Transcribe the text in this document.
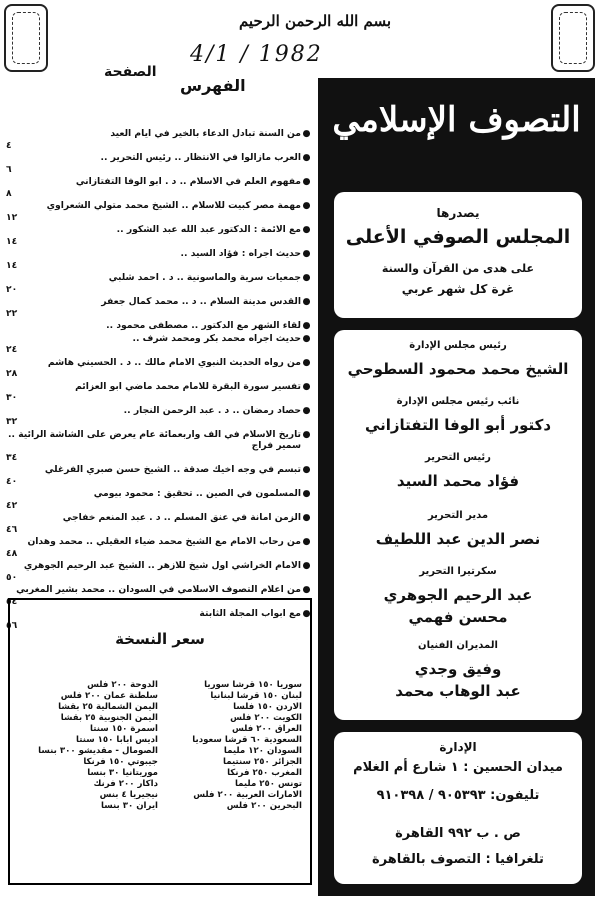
بسم الله الرحمن الرحيم
4/1 / 1982
الفهرس
الصفحة
●
من السنة تبادل الدعاء بالخير في ايام العيد
٤
●
العرب مازالوا في الانتظار .. رئيس التحرير ..
٦
●
مفهوم العلم في الاسلام .. د . ابو الوفا التفتازاني
٨
●
مهمة مصر كبيت للاسلام .. الشيخ محمد متولي الشعراوي
١٢
●
مع الائمة : الدكتور عبد الله عبد الشكور ..
١٤
●
حديث اجراه : فؤاد السيد ..
١٤
●
جمعيات سرية والماسونية .. د . احمد شلبي
٢٠
●
القدس مدينة السلام .. د .. محمد كمال جعفر
٢٢
●
لقاء الشهر مع الدكتور .. مصطفى محمود ..
●
حديث اجراه محمد بكر ومحمد شرف ..
٢٤
●
من رواه الحديث النبوي الامام مالك .. د . الحسيني هاشم
٢٨
●
تفسير سورة البقرة للامام محمد ماضي ابو العزائم
٣٠
●
حصاد رمضان .. د . عبد الرحمن النجار ..
٣٢
●
تاريخ الاسلام في الف واربعمائة عام يعرض على الشاشة الرائية .. سمير فراج
٣٤
●
تبسم في وجه اخيك صدقة .. الشيخ حسن صبري الفرغلي
٤٠
●
المسلمون في الصين .. تحقيق : محمود بيومي
٤٢
●
الزمن امانة في عنق المسلم .. د . عبد المنعم خفاجي
٤٦
●
من رحاب الامام مع الشيخ محمد ضياء العقيلي .. محمد وهدان
٤٨
●
الامام الخراشي اول شيخ للازهر .. الشيخ عبد الرحيم الجوهري
٥٠
●
من اعلام التصوف الاسلامي في السودان .. محمد بشير المغربي
٥٤
●
مع ابواب المجلة الثابتة
٥٦
سعر النسخة
سوريا ١٥٠ قرشا سوريا
لبنان ١٥٠ قرشا لبنانيا
الاردن ١٥٠ فلسا
الكويت ٢٠٠ فلس
العراق ٢٠٠ فلس
السعودية ٦٠ قرشا سعوديا
السودان ١٢٠ مليما
الجزائر ٢٥٠ سنتيما
المغرب ٢٥٠ فرنكا
تونس ٢٥٠ مليما
الامارات العربية ٢٠٠ فلس
البحرين ٢٠٠ فلس
الدوحة ٢٠٠ فلس
سلطنة عمان ٢٠٠ فلس
اليمن الشمالية ٢٥ بقشا
اليمن الجنوبية ٢٥ بقشا
أسمرة ١٥٠ سنتا
اديس ابابا ١٥٠ سنتا
الصومال - مقديشو ٣٠٠ بنسا
جيبوتي ١٥٠ فرنكا
موريتانيا ٣٠ بنسا
داكار ٢٠٠ فرنك
نيجيريا ٤ بنس
ايران ٣٠ بنسا
التصوف الإسلامي
يصدرها
المجلس الصوفي الأعلى
على هدى من القرآن والسنة
غرة كل شهر عربي
رئيس مجلس الإدارة
الشيخ محمد محمود السطوحي
نائب رئيس مجلس الإدارة
دكتور أبو الوفا التفتازاني
رئيس التحرير
فؤاد محمد السيد
مدير التحرير
نصر الدين عبد اللطيف
سكرتيرا التحرير
عبد الرحيم الجوهري
محسن فهمي
المديران الفنيان
وفيق وجدي
عبد الوهاب محمد
الإدارة
ميدان الحسين : ١ شارع أم الغلام
تليفون: ٩٠٥٣٩٣ / ٩١٠٣٩٨
ص . ب ٩٩٢ القاهرة
تلغرافيا : التصوف بالقاهرة
